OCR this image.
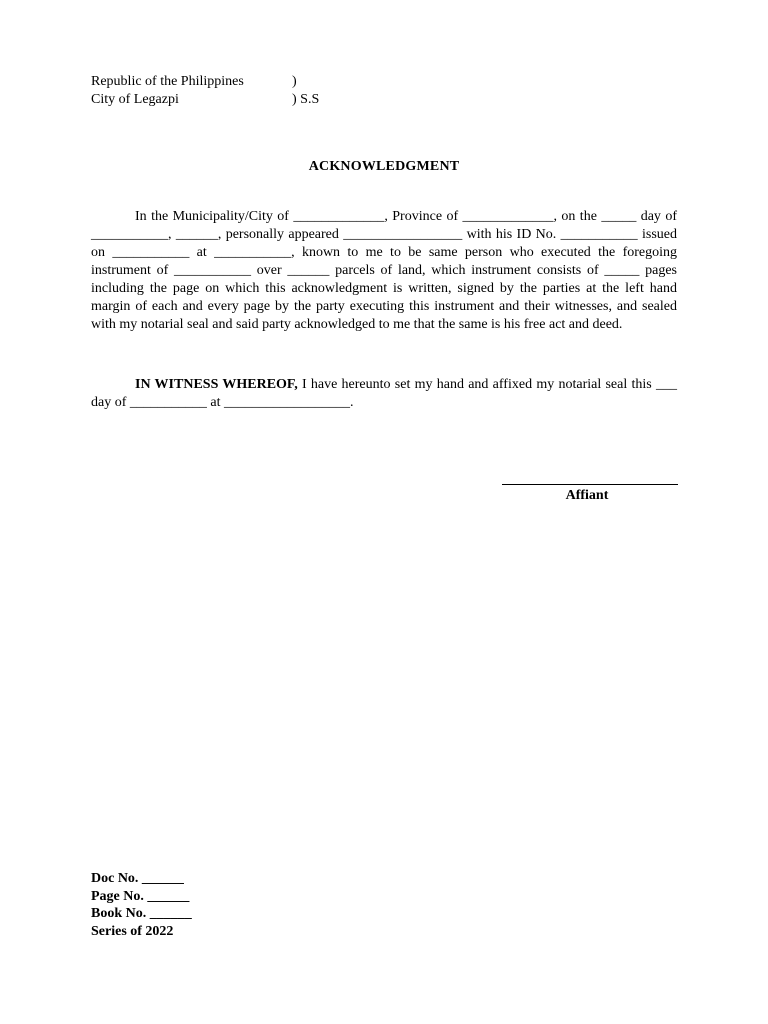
Republic of the Philippines	)
City of Legazpi	) S.S
ACKNOWLEDGMENT

In the Municipality/City of _____________, Province of _____________, on the _____ day of ___________, ______, personally appeared _________________ with his ID No. ___________ issued on ___________ at ___________, known to me to be same person who executed the foregoing instrument of ___________ over ______ parcels of land, which instrument consists of _____ pages including the page on which this acknowledgment is written, signed by the parties at the left hand margin of each and every page by the party executing this instrument and their witnesses, and sealed with my notarial seal and said party acknowledged to me that the same is his free act and deed.

IN WITNESS WHEREOF, I have hereunto set my hand and affixed my notarial seal this ___ day of ___________ at __________________.

Affiant
Doc No. ______
Page No. ______
Book No. ______
Series of 2022
